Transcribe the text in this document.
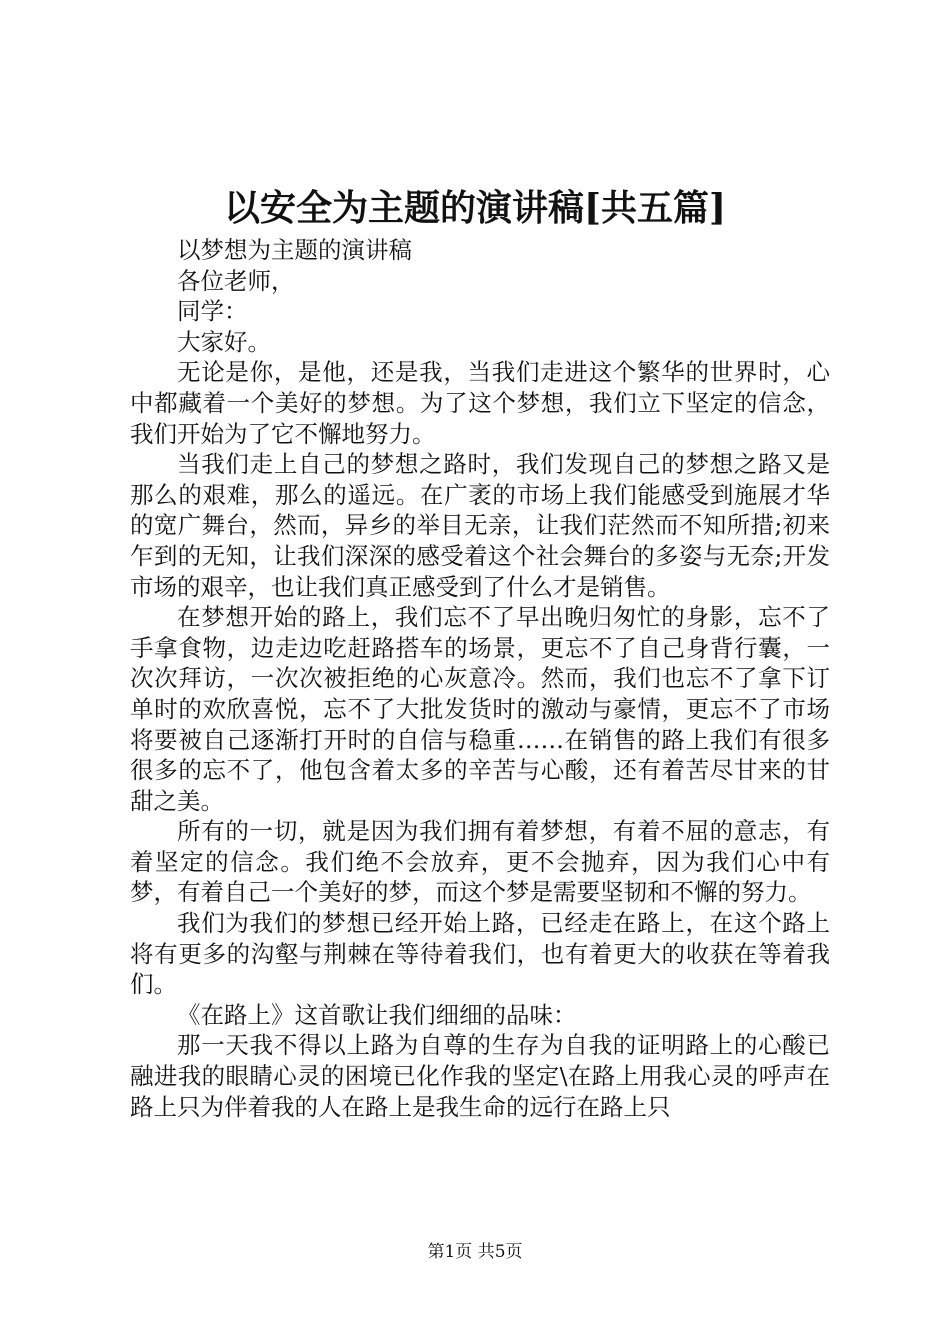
以安全为主题的演讲稿[共五篇]

以梦想为主题的演讲稿

各位老师，

同学：

大家好。

无论是你，是他，还是我，当我们走进这个繁华的世界时，心中都藏着一个美好的梦想。为了这个梦想，我们立下坚定的信念，我们开始为了它不懈地努力。

当我们走上自己的梦想之路时，我们发现自己的梦想之路又是那么的艰难，那么的遥远。在广袤的市场上我们能感受到施展才华的宽广舞台，然而，异乡的举目无亲，让我们茫然而不知所措;初来乍到的无知，让我们深深的感受着这个社会舞台的多姿与无奈;开发市场的艰辛，也让我们真正感受到了什么才是销售。

在梦想开始的路上，我们忘不了早出晚归匆忙的身影，忘不了手拿食物，边走边吃赶路搭车的场景，更忘不了自己身背行囊，一次次拜访，一次次被拒绝的心灰意冷。然而，我们也忘不了拿下订单时的欢欣喜悦，忘不了大批发货时的激动与豪情，更忘不了市场将要被自己逐渐打开时的自信与稳重……在销售的路上我们有很多很多的忘不了，他包含着太多的辛苦与心酸，还有着苦尽甘来的甘甜之美。

所有的一切，就是因为我们拥有着梦想，有着不屈的意志，有着坚定的信念。我们绝不会放弃，更不会抛弃，因为我们心中有梦，有着自己一个美好的梦，而这个梦是需要坚韧和不懈的努力。

我们为我们的梦想已经开始上路，已经走在路上，在这个路上将有更多的沟壑与荆棘在等待着我们，也有着更大的收获在等着我们。

《在路上》这首歌让我们细细的品味：

那一天我不得以上路为自尊的生存为自我的证明路上的心酸已融进我的眼睛心灵的困境已化作我的坚定\在路上用我心灵的呼声在路上只为伴着我的人在路上是我生命的远行在路上只

第1页 共5页
